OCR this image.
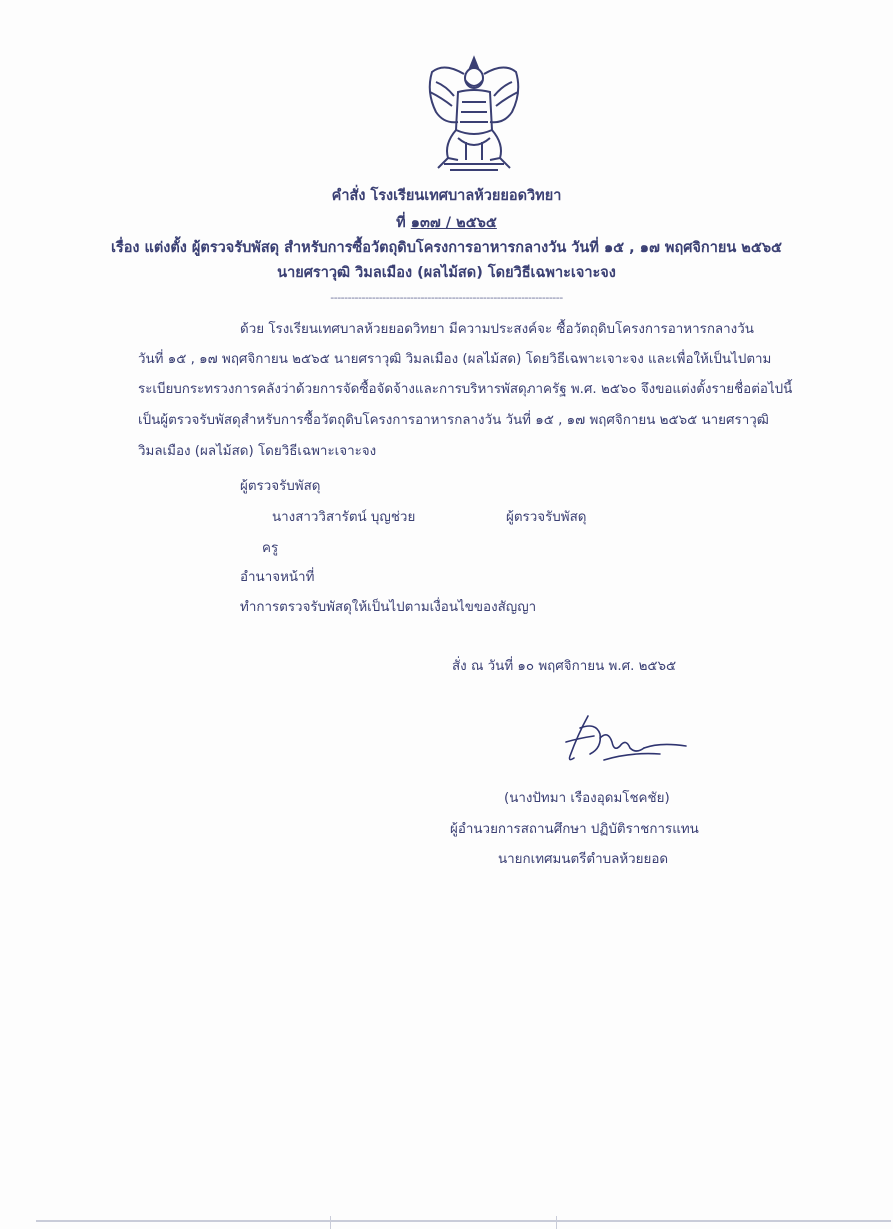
คำสั่ง โรงเรียนเทศบาลห้วยยอดวิทยา
ที่ ๑๓๗ / ๒๕๖๕
เรื่อง แต่งตั้ง ผู้ตรวจรับพัสดุ สำหรับการซื้อวัตถุดิบโครงการอาหารกลางวัน วันที่ ๑๕ , ๑๗ พฤศจิกายน ๒๕๖๕
นายศราวุฒิ วิมลเมือง (ผลไม้สด) โดยวิธีเฉพาะเจาะจง
-------------------------------------------------------------------
ด้วย โรงเรียนเทศบาลห้วยยอดวิทยา มีความประสงค์จะ ซื้อวัตถุดิบโครงการอาหารกลางวัน
วันที่ ๑๕ , ๑๗ พฤศจิกายน ๒๕๖๕ นายศราวุฒิ วิมลเมือง (ผลไม้สด) โดยวิธีเฉพาะเจาะจง และเพื่อให้เป็นไปตาม
ระเบียบกระทรวงการคลังว่าด้วยการจัดซื้อจัดจ้างและการบริหารพัสดุภาครัฐ พ.ศ. ๒๕๖๐ จึงขอแต่งตั้งรายชื่อต่อไปนี้
เป็นผู้ตรวจรับพัสดุสำหรับการซื้อวัตถุดิบโครงการอาหารกลางวัน วันที่ ๑๕ , ๑๗ พฤศจิกายน ๒๕๖๕ นายศราวุฒิ
วิมลเมือง (ผลไม้สด) โดยวิธีเฉพาะเจาะจง
ผู้ตรวจรับพัสดุ
นางสาววิสารัตน์ บุญช่วย	ผู้ตรวจรับพัสดุ
ครู
อำนาจหน้าที่
ทำการตรวจรับพัสดุให้เป็นไปตามเงื่อนไขของสัญญา
สั่ง ณ วันที่ ๑๐ พฤศจิกายน พ.ศ. ๒๕๖๕
(นางปัทมา เรืองอุดมโชคชัย)
ผู้อำนวยการสถานศึกษา ปฏิบัติราชการแทน
นายกเทศมนตรีตำบลห้วยยอด
